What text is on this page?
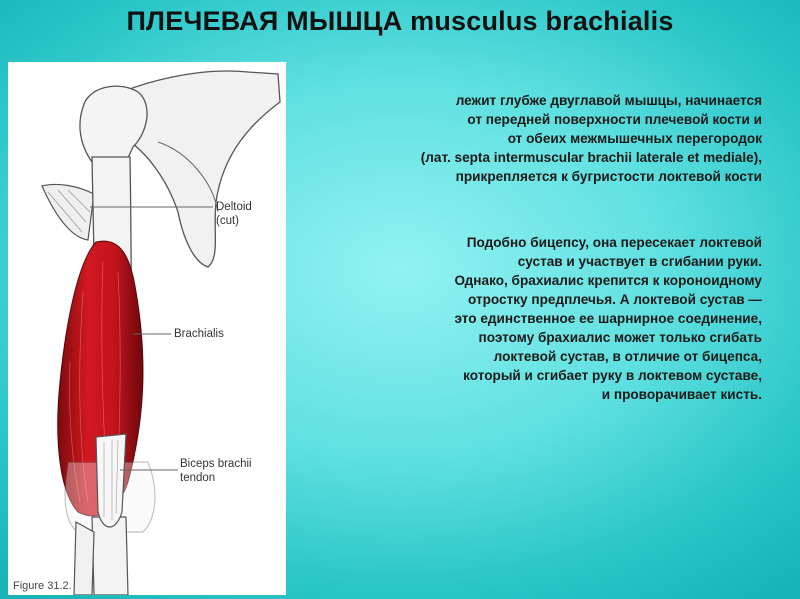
ПЛЕЧЕВАЯ МЫШЦА musculus brachialis
Deltoid
(cut)
Brachialis
Biceps brachii
tendon
Figure 31.2.
лежит глубже двуглавой мышцы, начинается
от передней поверхности плечевой кости и
от обеих межмышечных перегородок
(лат. septa intermuscular brachii laterale et mediale),
прикрепляется к бугристости локтевой кости
Подобно бицепсу, она пересекает локтевой
сустав и участвует в сгибании руки.
Однако, брахиалис крепится к короноидному
отростку предплечья. А локтевой сустав —
это единственное ее шарнирное соединение,
поэтому брахиалис может только сгибать
локтевой сустав, в отличие от бицепса,
который и сгибает руку в локтевом суставе,
и проворачивает кисть.
